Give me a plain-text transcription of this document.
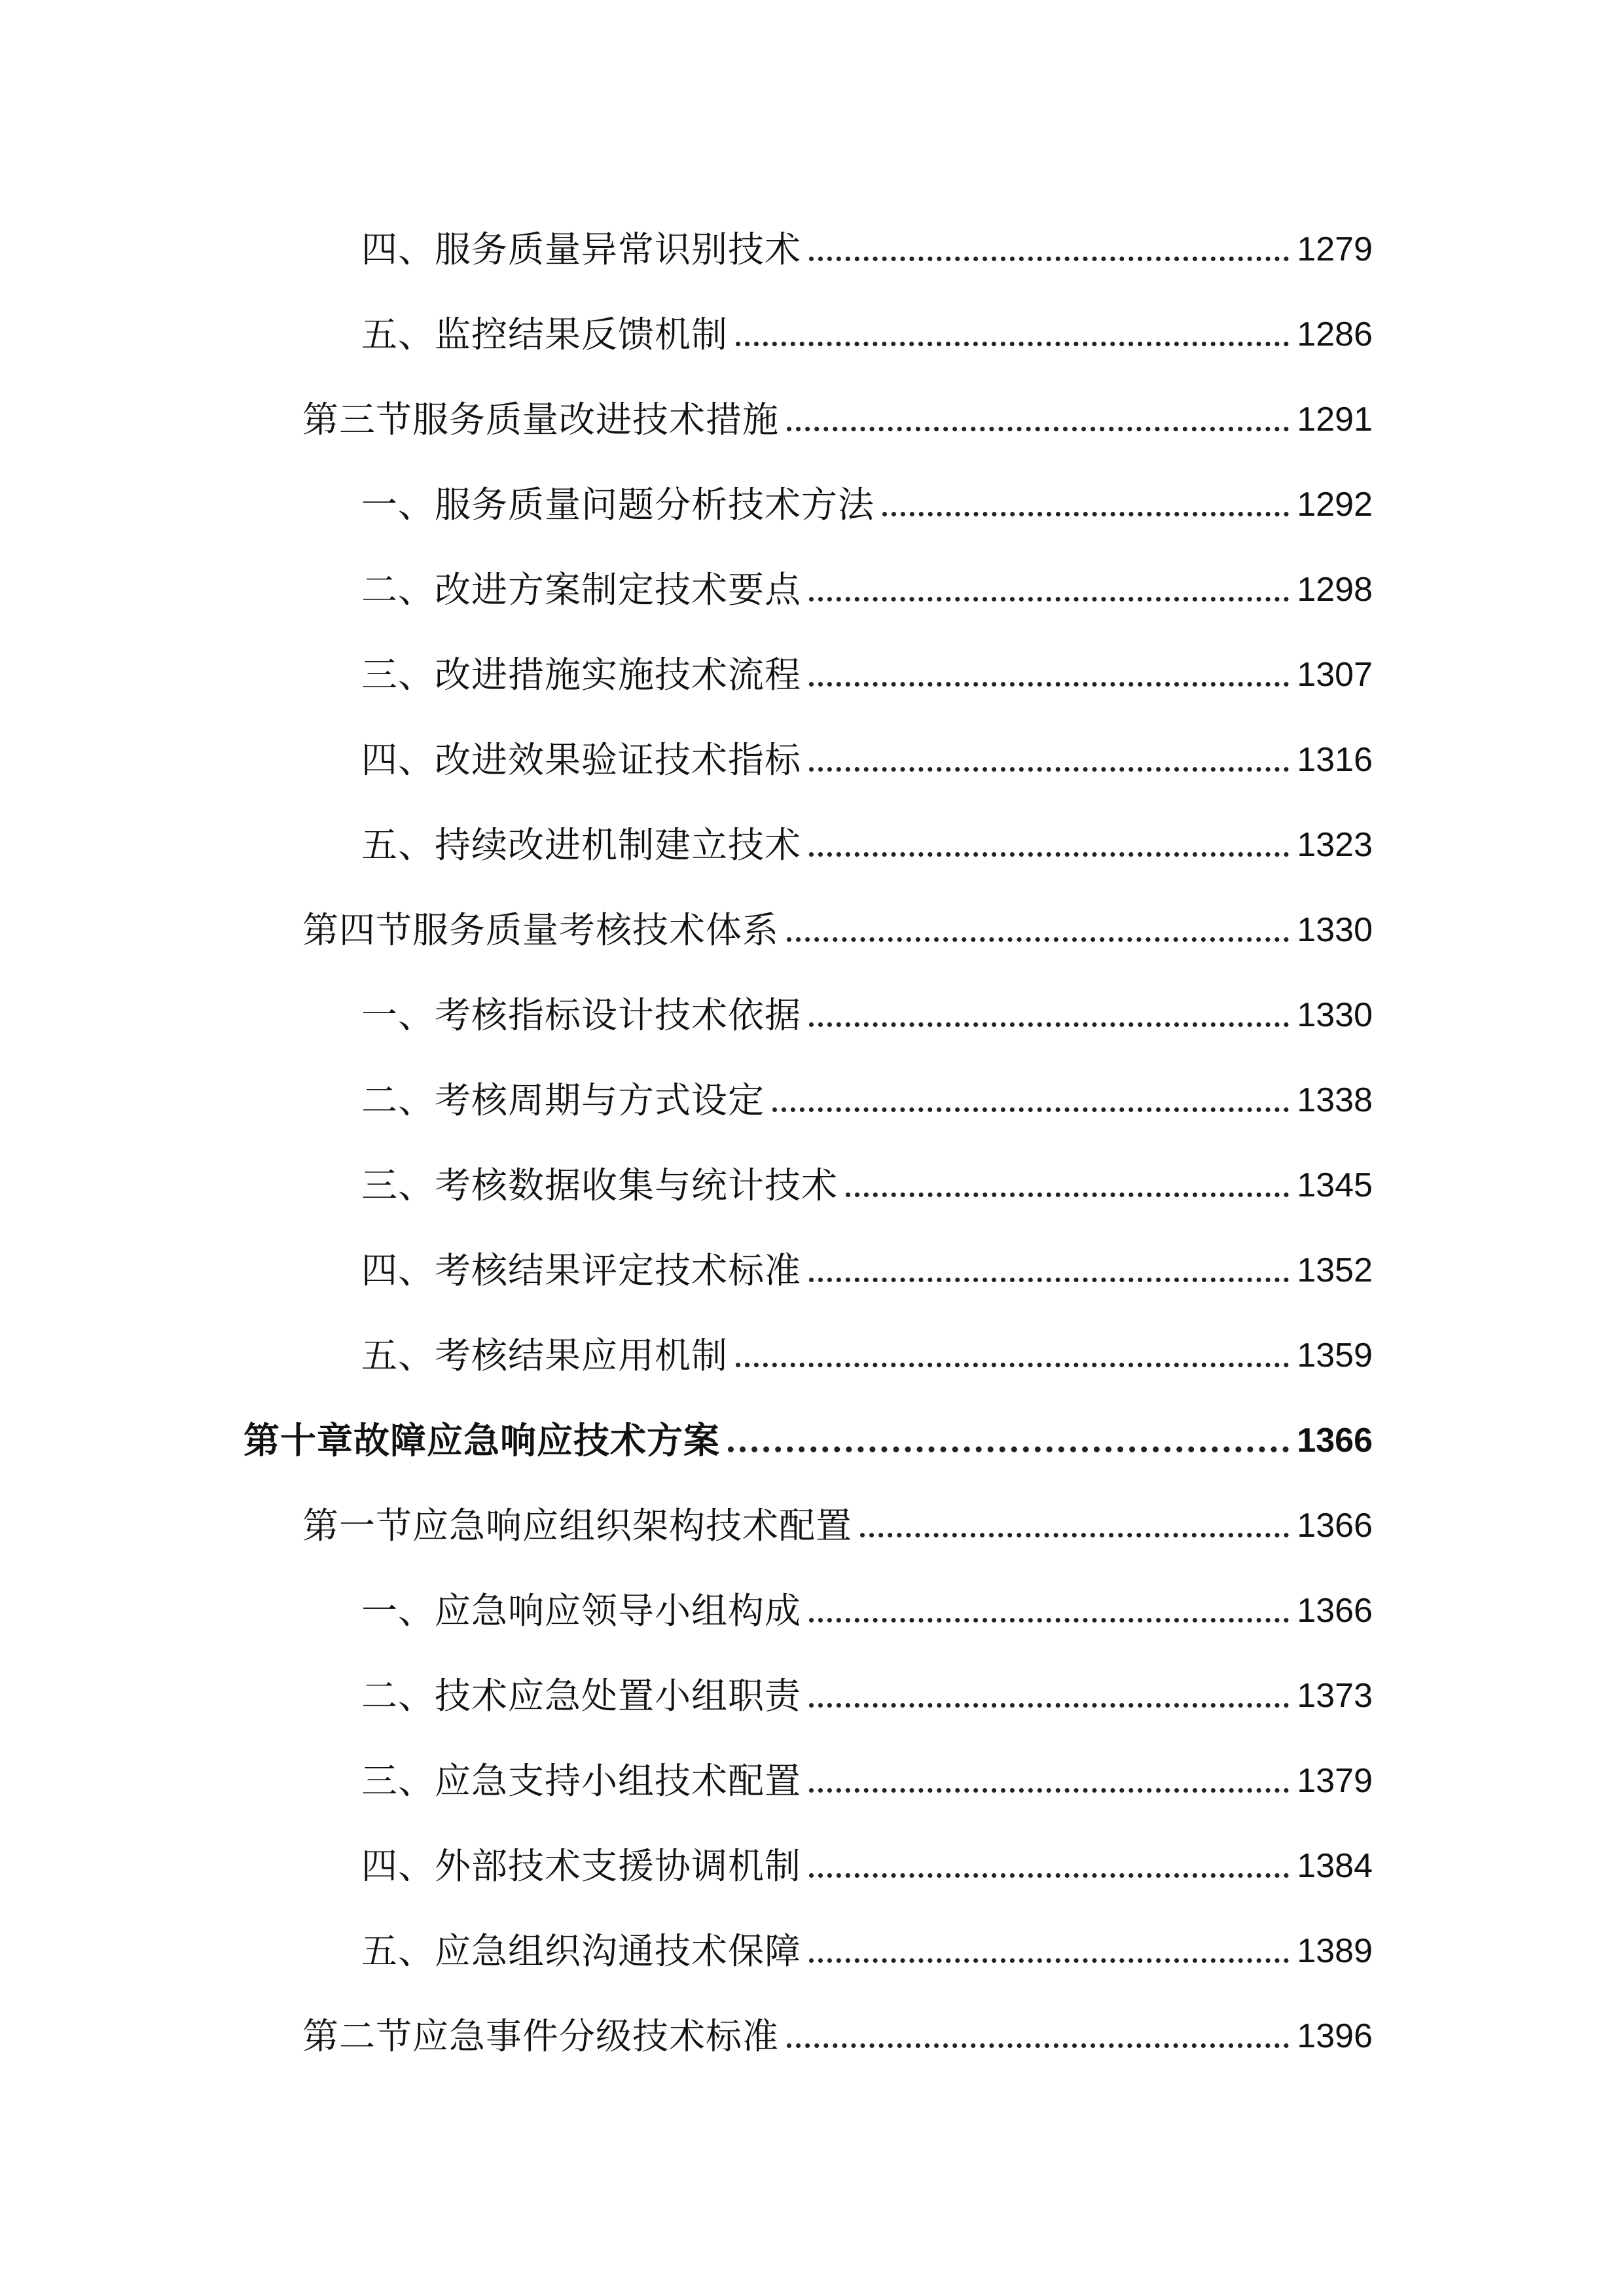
四、服务质量异常识别技术	1279
五、监控结果反馈机制	1286
第三节服务质量改进技术措施	1291
一、服务质量问题分析技术方法	1292
二、改进方案制定技术要点	1298
三、改进措施实施技术流程	1307
四、改进效果验证技术指标	1316
五、持续改进机制建立技术	1323
第四节服务质量考核技术体系	1330
一、考核指标设计技术依据	1330
二、考核周期与方式设定	1338
三、考核数据收集与统计技术	1345
四、考核结果评定技术标准	1352
五、考核结果应用机制	1359
第十章故障应急响应技术方案	1366
第一节应急响应组织架构技术配置	1366
一、应急响应领导小组构成	1366
二、技术应急处置小组职责	1373
三、应急支持小组技术配置	1379
四、外部技术支援协调机制	1384
五、应急组织沟通技术保障	1389
第二节应急事件分级技术标准	1396
